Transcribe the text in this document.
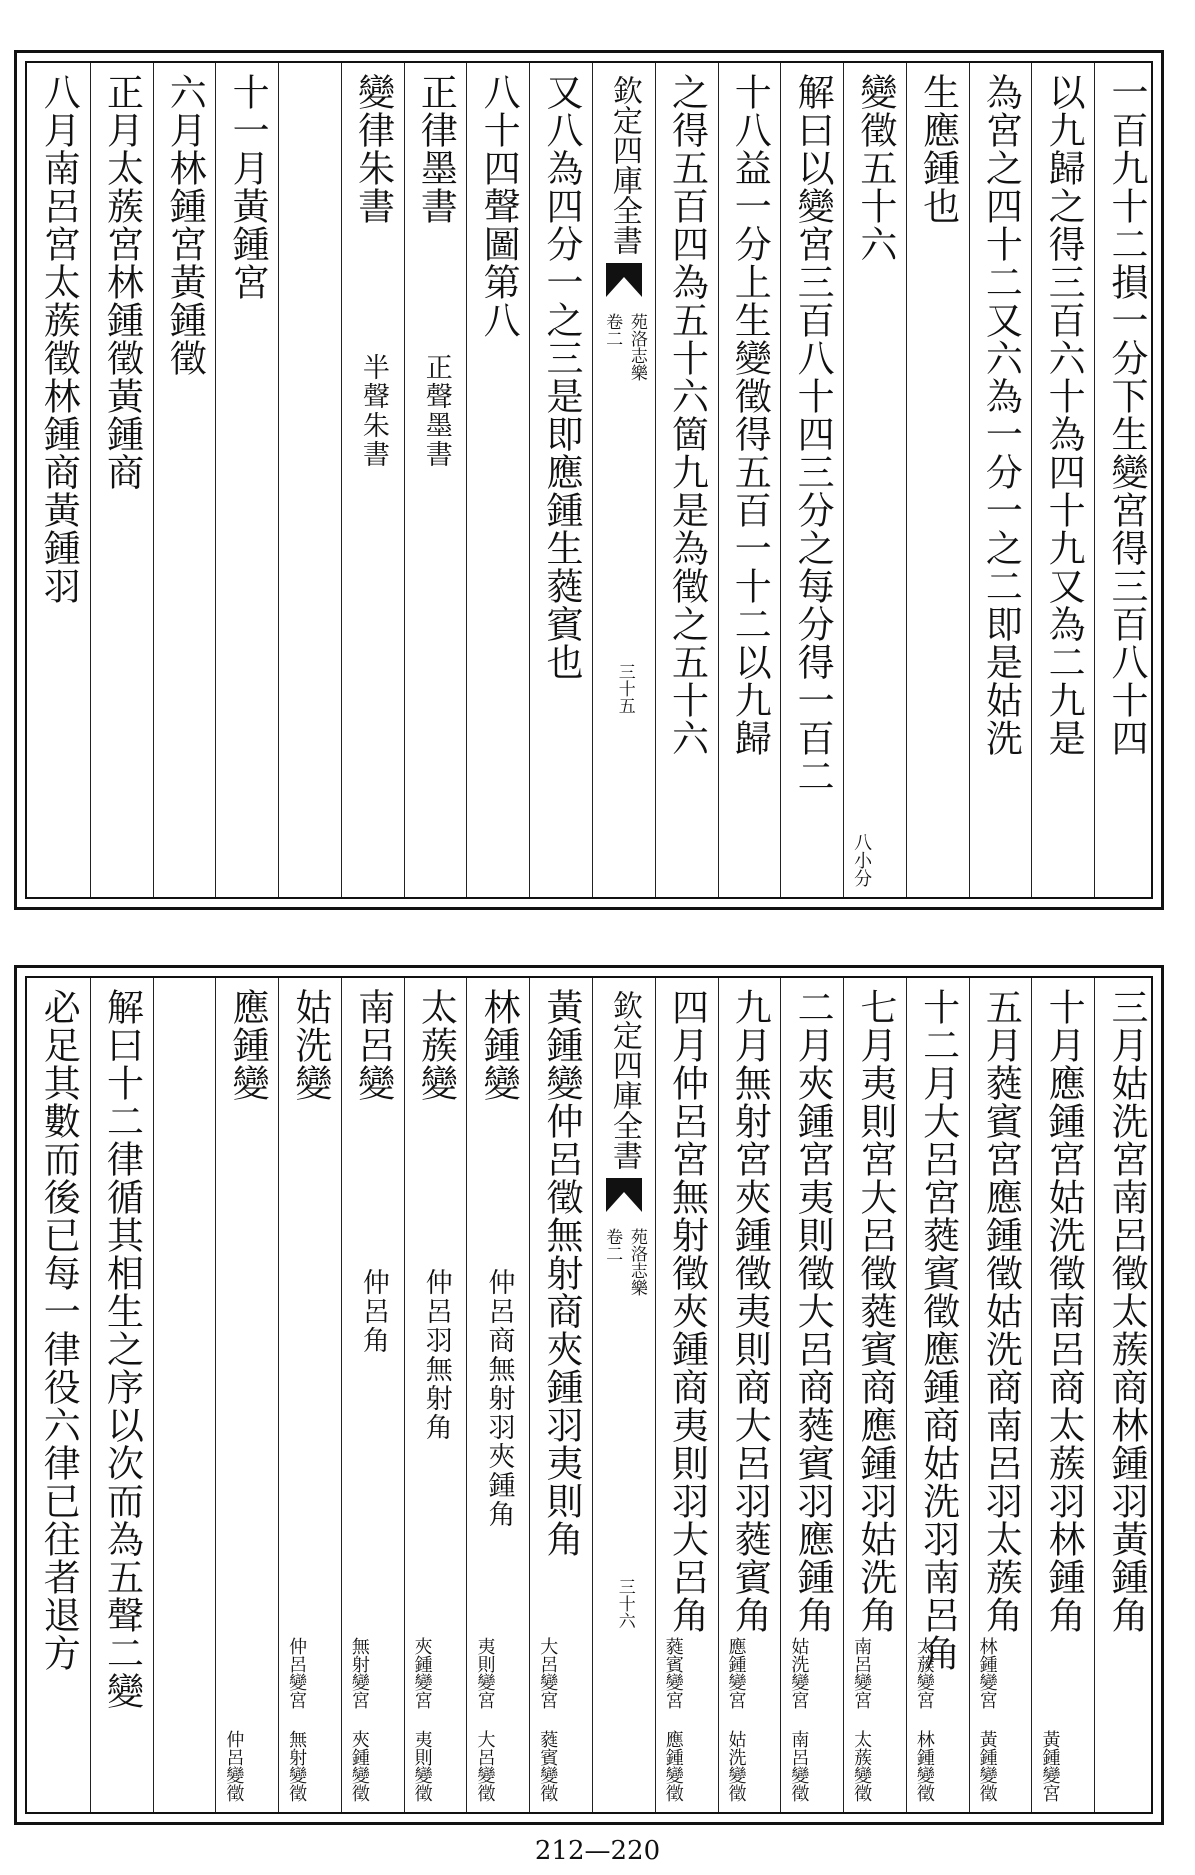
一百九十二損一分下生變宮得三百八十四
以九歸之得三百六十為四十九又為二九是
為宮之四十二又六為一分一之二即是姑洗
生應鍾也
變徵五十六
八小分
解曰以變宮三百八十四三分之每分得一百二
十八益一分上生變徵得五百一十二以九歸
之得五百四為五十六箇九是為徵之五十六
欽定四庫全書
苑洛志樂
卷二
三十五
又八為四分一之三是即應鍾生蕤賓也
八十四聲圖第八
正律墨書
正聲墨書
變律朱書
半聲朱書
十一月黃鍾宮
六月林鍾宮黃鍾徵
正月太蔟宮林鍾徵黃鍾商
八月南呂宮太蔟徵林鍾商黃鍾羽
三月姑洗宮南呂徵太蔟商林鍾羽黃鍾角
十月應鍾宮姑洗徵南呂商太蔟羽林鍾角
黃鍾變宮
五月蕤賓宮應鍾徵姑洗商南呂羽太蔟角
林鍾變宮 黃鍾變徵
十二月大呂宮蕤賓徵應鍾商姑洗羽南呂角
太蔟變宮 林鍾變徵
七月夷則宮大呂徵蕤賓商應鍾羽姑洗角
南呂變宮 太蔟變徵
二月夾鍾宮夷則徵大呂商蕤賓羽應鍾角
姑洗變宮 南呂變徵
九月無射宮夾鍾徵夷則商大呂羽蕤賓角
應鍾變宮 姑洗變徵
四月仲呂宮無射徵夾鍾商夷則羽大呂角
蕤賓變宮 應鍾變徵
欽定四庫全書
苑洛志樂
卷二
三十六
黃鍾變仲呂徵無射商夾鍾羽夷則角
大呂變宮 蕤賓變徵
林鍾變
仲呂商無射羽夾鍾角
夷則變宮 大呂變徵
太蔟變
仲呂羽無射角
夾鍾變宮 夷則變徵
南呂變
仲呂角
無射變宮 夾鍾變徵
姑洗變
仲呂變宮 無射變徵
應鍾變
仲呂變徵
解曰十二律循其相生之序以次而為五聲二變
必足其數而後已每一律役六律已往者退方
212—220
